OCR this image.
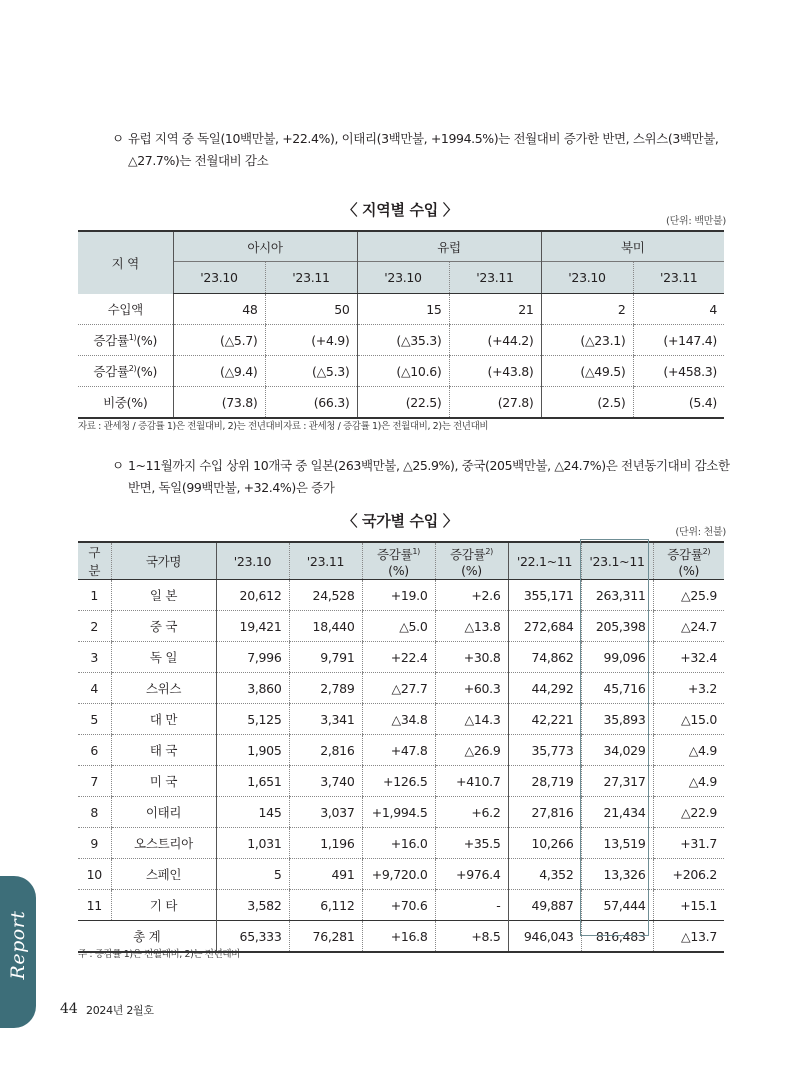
ㅇ 유럽 지역 중 독일(10백만불, +22.4%), 이태리(3백만불, +1994.5%)는 전월대비 증가한 반면, 스위스(3백만불, △27.7%)는 전월대비 감소
〈 지역별 수입 〉
(단위: 백만불)
지 역	아시아		유럽		북미	
	'23.10	'23.11	'23.10	'23.11	'23.10	'23.11
수입액	48	50	15	21	2	4
증감률$^{1)}$(%)	(△5.7)	(+4.9)	(△35.3)	(+44.2)	(△23.1)	(+147.4)
증감률$^{2)}$(%)	(△9.4)	(△5.3)	(△10.6)	(+43.8)	(△49.5)	(+458.3)
비중(%)	(73.8)	(66.3)	(22.5)	(27.8)	(2.5)	(5.4)
자료 : 관세청 / 증감률 1)은 전월대비, 2)는 전년대비자료 : 관세청 / 증감률 1)은 전월대비, 2)는 전년대비
ㅇ 1~11월까지 수입 상위 10개국 중 일본(263백만불, △25.9%), 중국(205백만불, △24.7%)은 전년동기대비 감소한 반면, 독일(99백만불, +32.4%)은 증가
〈 국가별 수입 〉
(단위: 천불)
구분	국가명	'23.10	'23.11	증감률$^{1)}$(%)	증감률$^{2)}$(%)	'22.1~11	'23.1~11	증감률$^{2)}$(%)
1	일 본	20,612	24,528	+19.0	+2.6	355,171	263,311	△25.9
2	중 국	19,421	18,440	△5.0	△13.8	272,684	205,398	△24.7
3	독 일	7,996	9,791	+22.4	+30.8	74,862	99,096	+32.4
4	스위스	3,860	2,789	△27.7	+60.3	44,292	45,716	+3.2
5	대 만	5,125	3,341	△34.8	△14.3	42,221	35,893	△15.0
6	태 국	1,905	2,816	+47.8	△26.9	35,773	34,029	△4.9
7	미 국	1,651	3,740	+126.5	+410.7	28,719	27,317	△4.9
8	이태리	145	3,037	+1,994.5	+6.2	27,816	21,434	△22.9
9	오스트리아	1,031	1,196	+16.0	+35.5	10,266	13,519	+31.7
10	스페인	5	491	+9,720.0	+976.4	4,352	13,326	+206.2
11	기 타	3,582	6,112	+70.6	-	49,887	57,444	+15.1
총 계		65,333	76,281	+16.8	+8.5	946,043	816,483	△13.7
주 : 증감률 1)은 전월대비, 2)는 전년대비
Report
44 2024년 2월호
